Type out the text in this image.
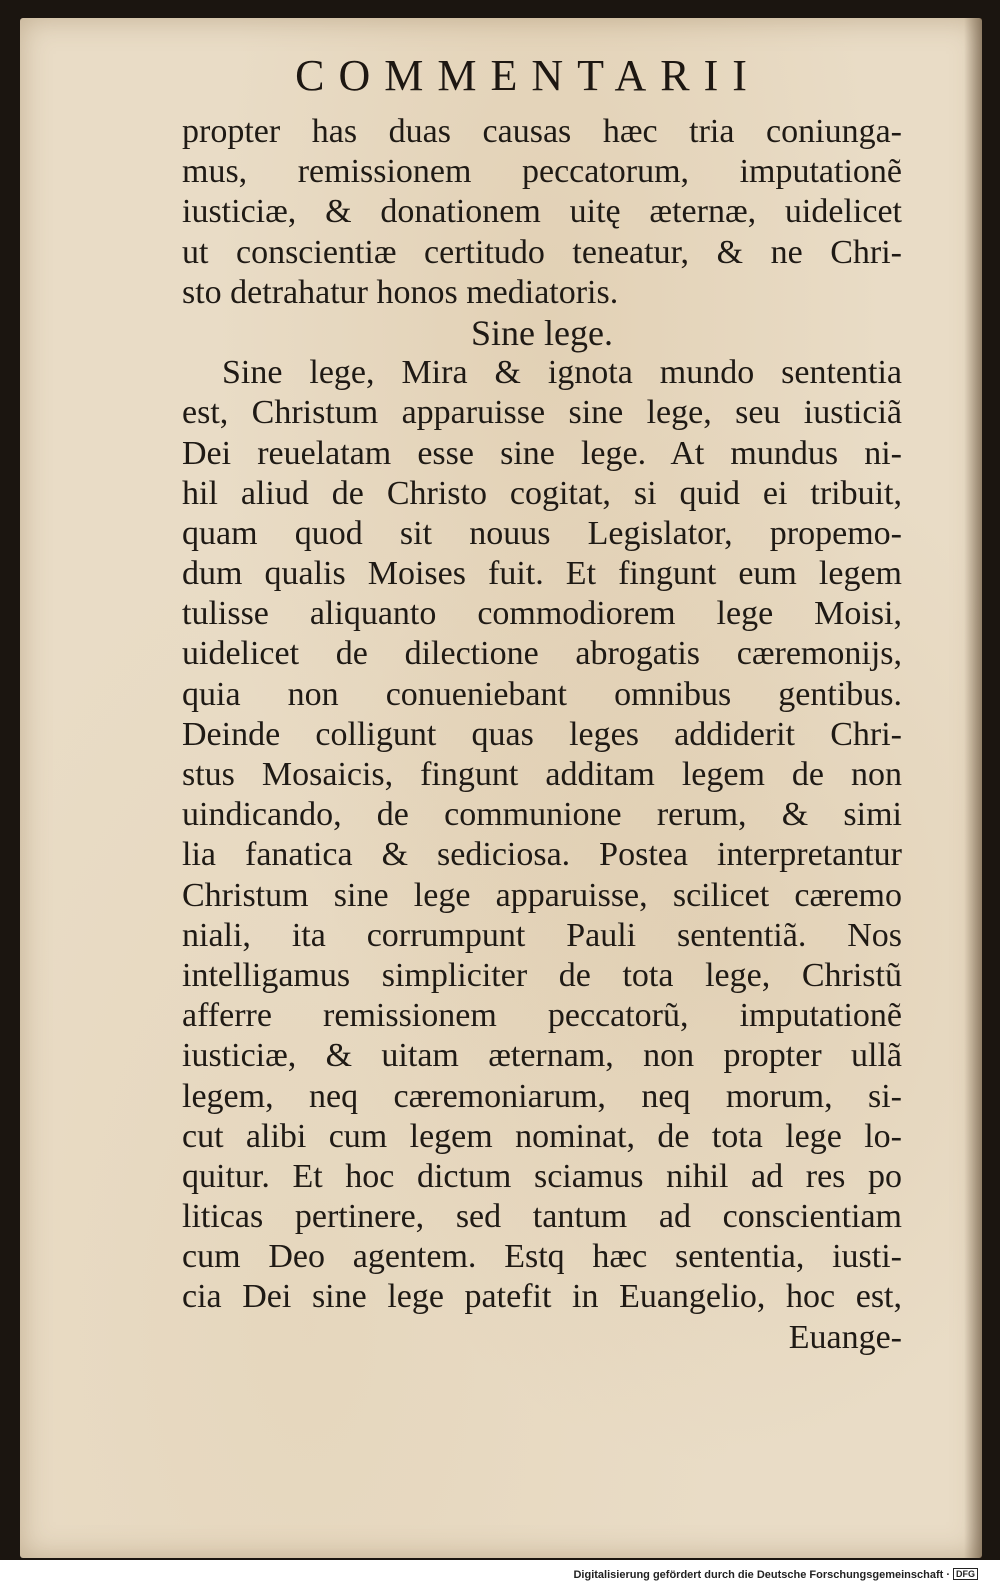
COMMENTARII
propter has duas causas hæc tria coniunga-
mus, remissionem peccatorum, imputationẽ
iusticiæ, & donationem uitę æternæ, uidelicet
ut conscientiæ certitudo teneatur, & ne Chri-
sto detrahatur honos mediatoris.
Sine lege.
Sine lege, Mira & ignota mundo sententia
est, Christum apparuisse sine lege, seu iusticiã
Dei reuelatam esse sine lege. At mundus ni-
hil aliud de Christo cogitat, si quid ei tribuit,
quam quod sit nouus Legislator, propemo-
dum qualis Moises fuit. Et fingunt eum legem
tulisse aliquanto commodiorem lege Moisi,
uidelicet de dilectione abrogatis cæremonijs,
quia non conueniebant omnibus gentibus.
Deinde colligunt quas leges addiderit Chri-
stus Mosaicis, fingunt additam legem de non
uindicando, de communione rerum, & simi
lia fanatica & sediciosa. Postea interpretantur
Christum sine lege apparuisse, scilicet cæremo
niali, ita corrumpunt Pauli sententiã. Nos
intelligamus simpliciter de tota lege, Christũ
afferre remissionem peccatorũ, imputationẽ
iusticiæ, & uitam æternam, non propter ullã
legem, neq cæremoniarum, neq morum, si-
cut alibi cum legem nominat, de tota lege lo-
quitur. Et hoc dictum sciamus nihil ad res po
liticas pertinere, sed tantum ad conscientiam
cum Deo agentem. Estq hæc sententia, iusti-
cia Dei sine lege patefit in Euangelio, hoc est,
Euange-
Digitalisierung gefördert durch die Deutsche Forschungsgemeinschaft · DFG
